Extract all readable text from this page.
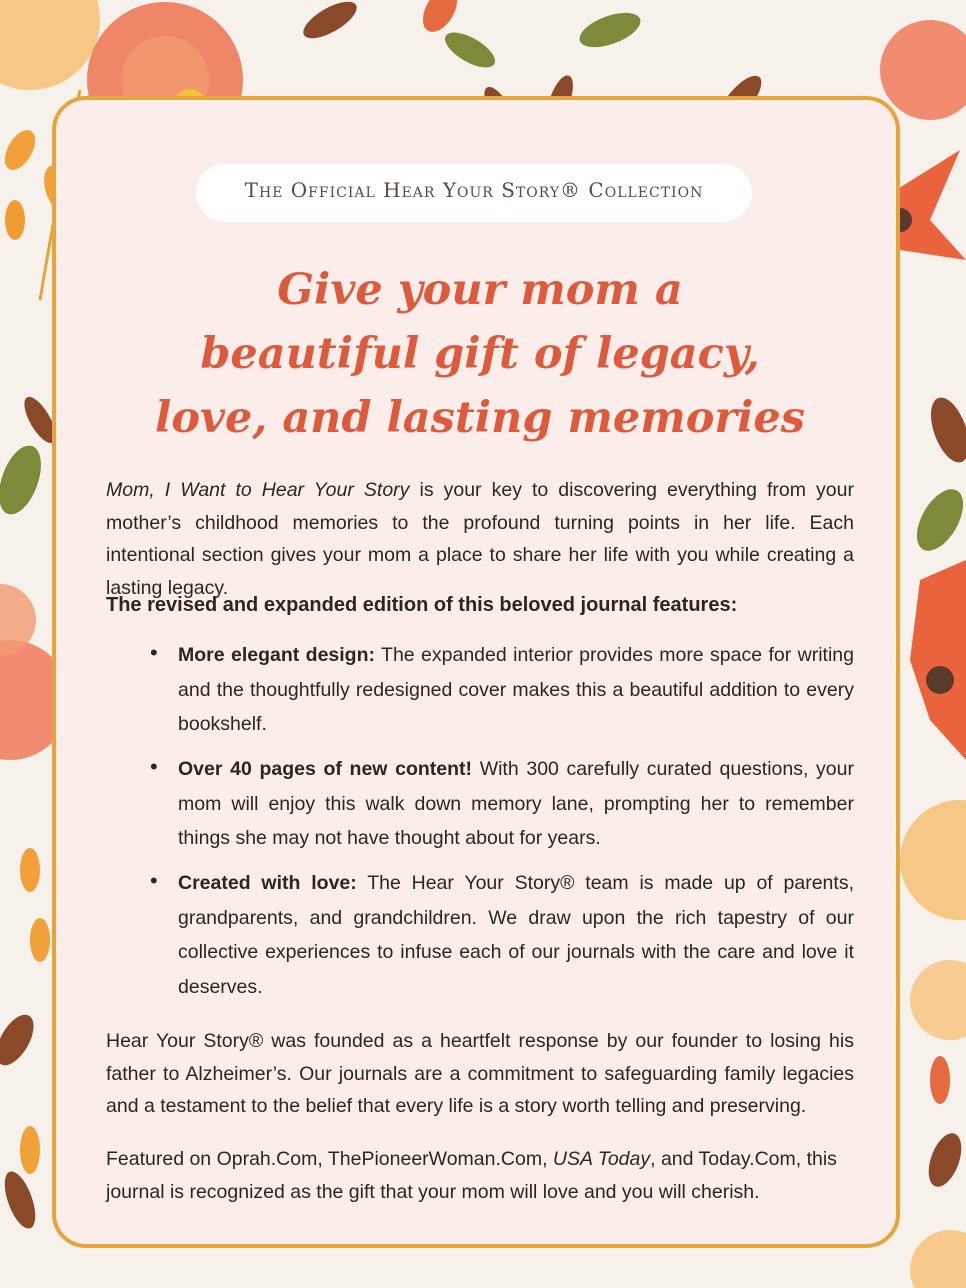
The Official Hear Your Story® Collection
Give your mom a
beautiful gift of legacy,
love, and lasting memories
Mom, I Want to Hear Your Story is your key to discovering everything from your mother’s childhood memories to the profound turning points in her life. Each intentional section gives your mom a place to share her life with you while creating a lasting legacy.
The revised and expanded edition of this beloved journal features:
• More elegant design: The expanded interior provides more space for writing and the thoughtfully redesigned cover makes this a beautiful addition to every bookshelf.
• Over 40 pages of new content! With 300 carefully curated questions, your mom will enjoy this walk down memory lane, prompting her to remember things she may not have thought about for years.
• Created with love: The Hear Your Story® team is made up of parents, grandparents, and grandchildren. We draw upon the rich tapestry of our collective experiences to infuse each of our journals with the care and love it deserves.
Hear Your Story® was founded as a heartfelt response by our founder to losing his father to Alzheimer’s. Our journals are a commitment to safeguarding family legacies and a testament to the belief that every life is a story worth telling and preserving.
Featured on Oprah.Com, ThePioneerWoman.Com, USA Today, and Today.Com, this journal is recognized as the gift that your mom will love and you will cherish.
